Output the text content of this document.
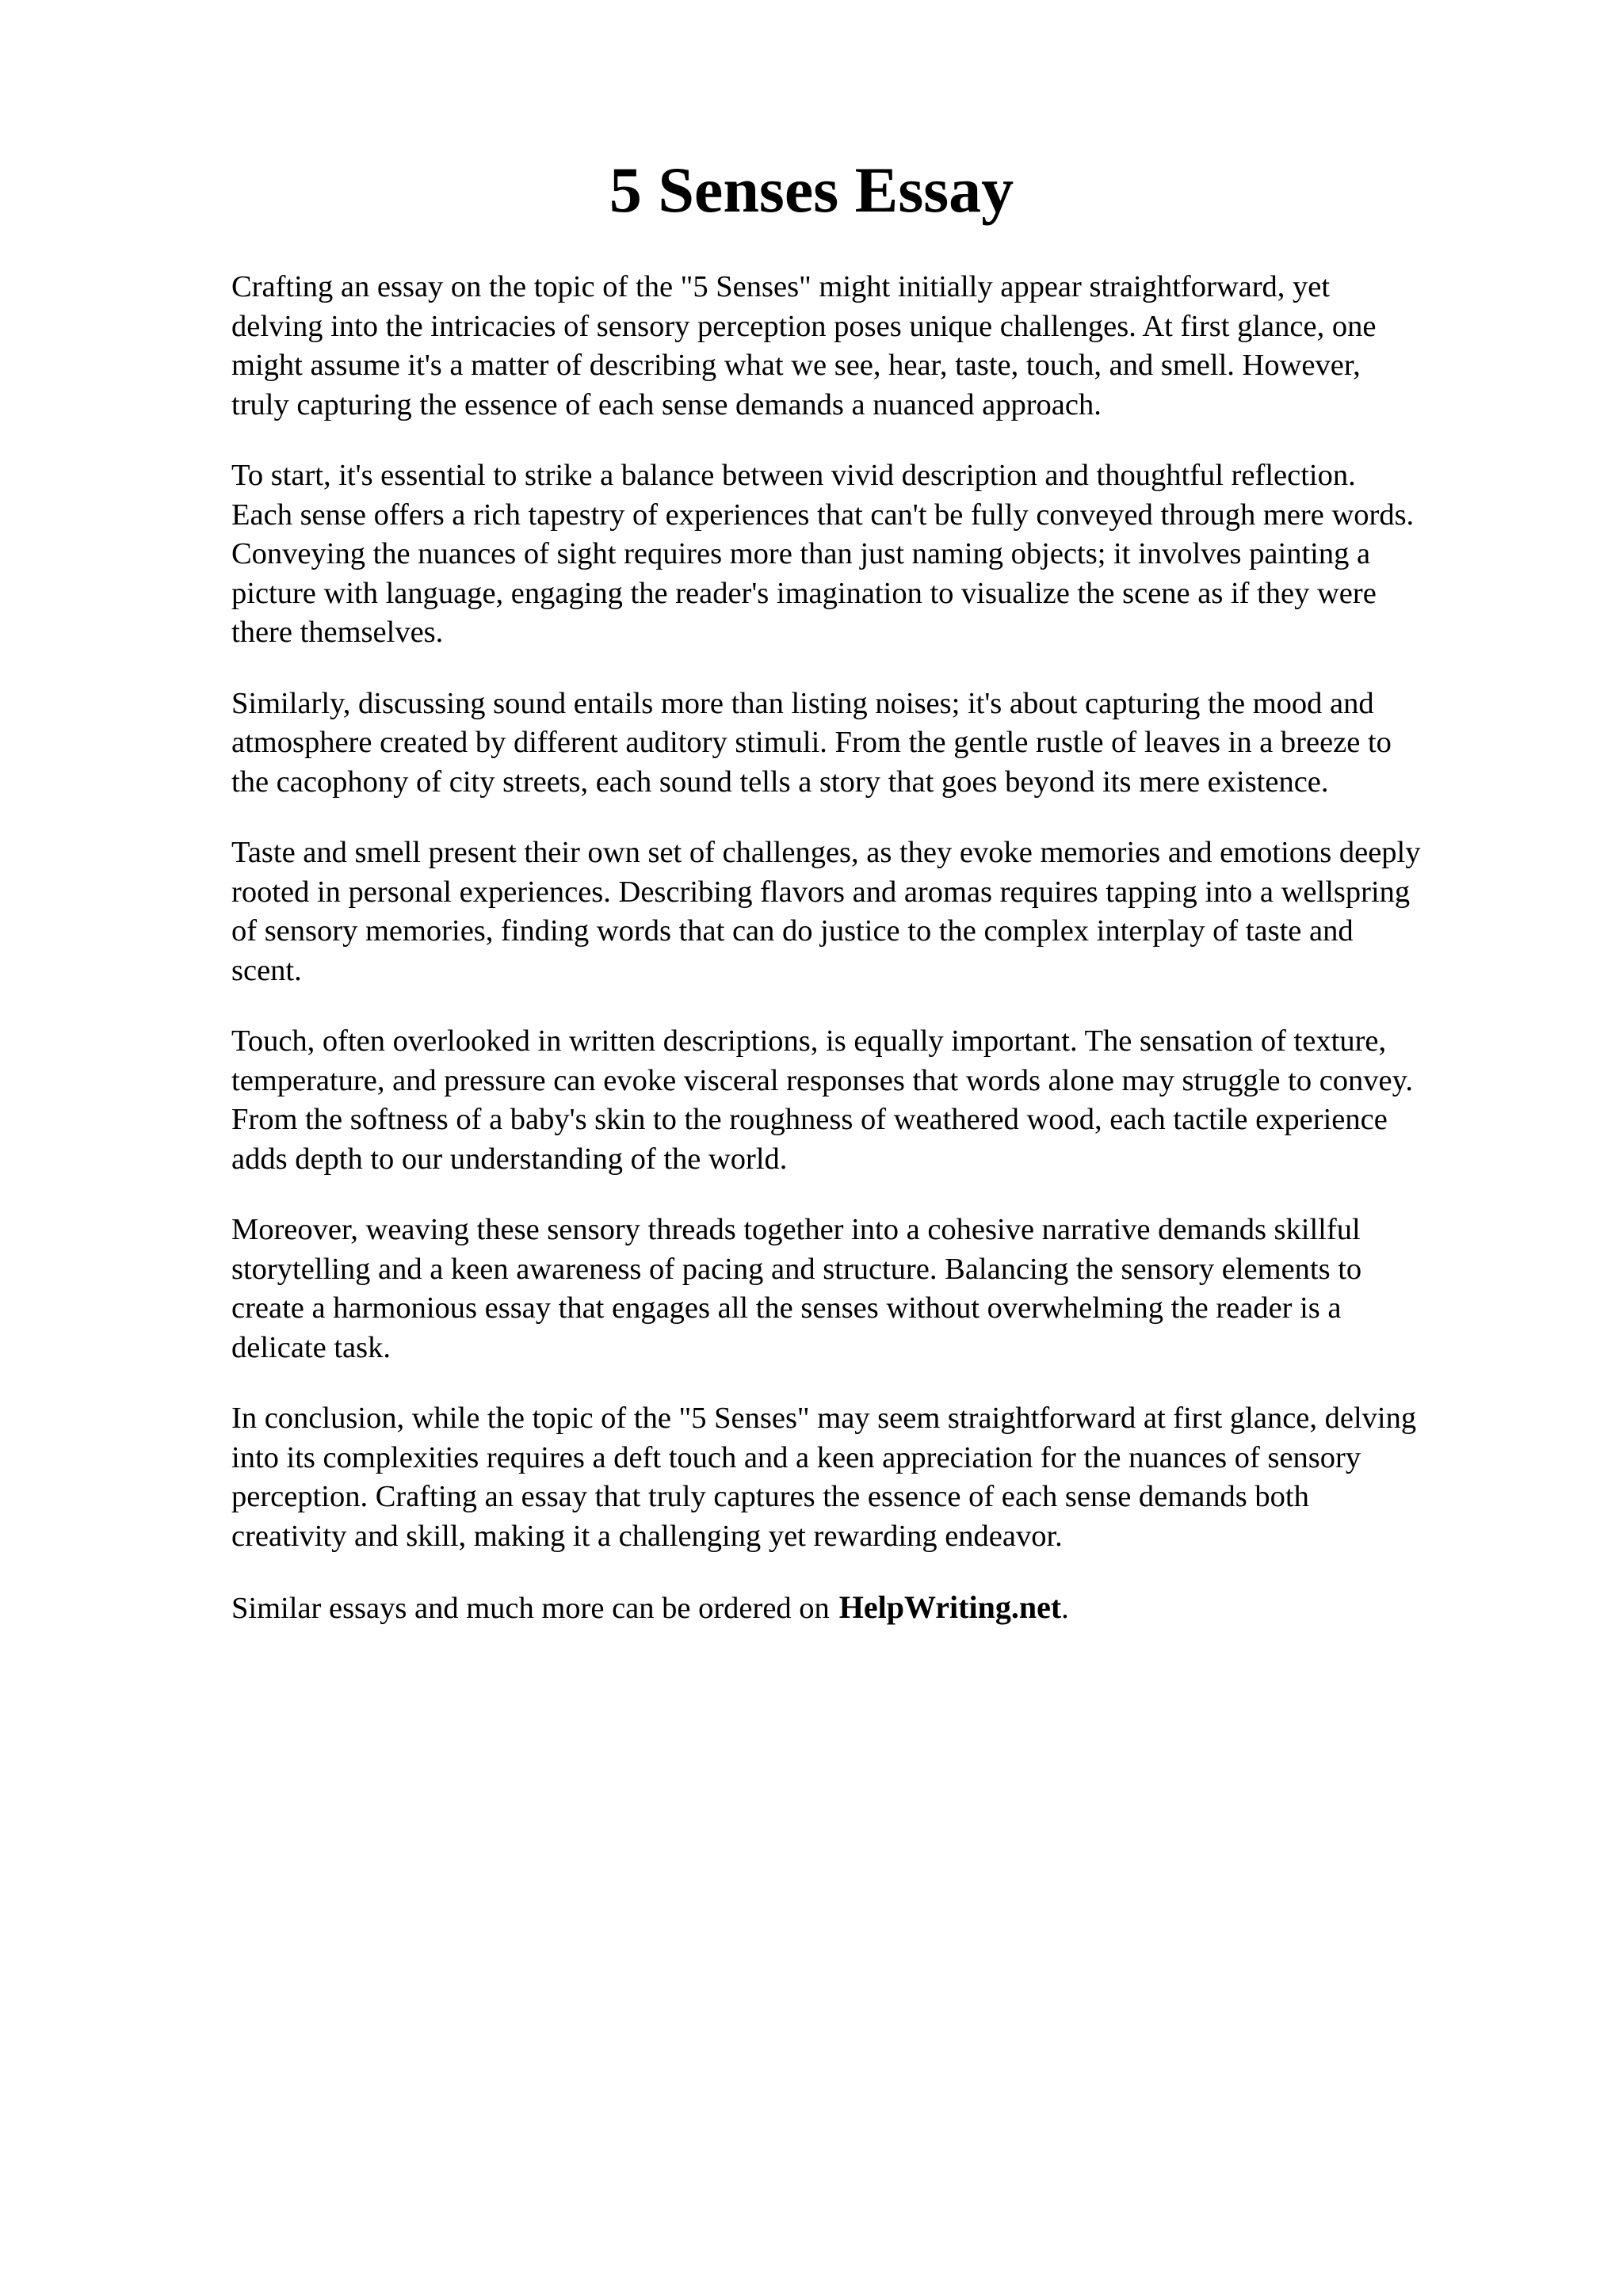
5 Senses Essay

Crafting an essay on the topic of the "5 Senses" might initially appear straightforward, yet
delving into the intricacies of sensory perception poses unique challenges. At first glance, one
might assume it's a matter of describing what we see, hear, taste, touch, and smell. However,
truly capturing the essence of each sense demands a nuanced approach.

To start, it's essential to strike a balance between vivid description and thoughtful reflection.
Each sense offers a rich tapestry of experiences that can't be fully conveyed through mere words.
Conveying the nuances of sight requires more than just naming objects; it involves painting a
picture with language, engaging the reader's imagination to visualize the scene as if they were
there themselves.

Similarly, discussing sound entails more than listing noises; it's about capturing the mood and
atmosphere created by different auditory stimuli. From the gentle rustle of leaves in a breeze to
the cacophony of city streets, each sound tells a story that goes beyond its mere existence.

Taste and smell present their own set of challenges, as they evoke memories and emotions deeply
rooted in personal experiences. Describing flavors and aromas requires tapping into a wellspring
of sensory memories, finding words that can do justice to the complex interplay of taste and
scent.

Touch, often overlooked in written descriptions, is equally important. The sensation of texture,
temperature, and pressure can evoke visceral responses that words alone may struggle to convey.
From the softness of a baby's skin to the roughness of weathered wood, each tactile experience
adds depth to our understanding of the world.

Moreover, weaving these sensory threads together into a cohesive narrative demands skillful
storytelling and a keen awareness of pacing and structure. Balancing the sensory elements to
create a harmonious essay that engages all the senses without overwhelming the reader is a
delicate task.

In conclusion, while the topic of the "5 Senses" may seem straightforward at first glance, delving
into its complexities requires a deft touch and a keen appreciation for the nuances of sensory
perception. Crafting an essay that truly captures the essence of each sense demands both
creativity and skill, making it a challenging yet rewarding endeavor.

Similar essays and much more can be ordered on HelpWriting.net.
